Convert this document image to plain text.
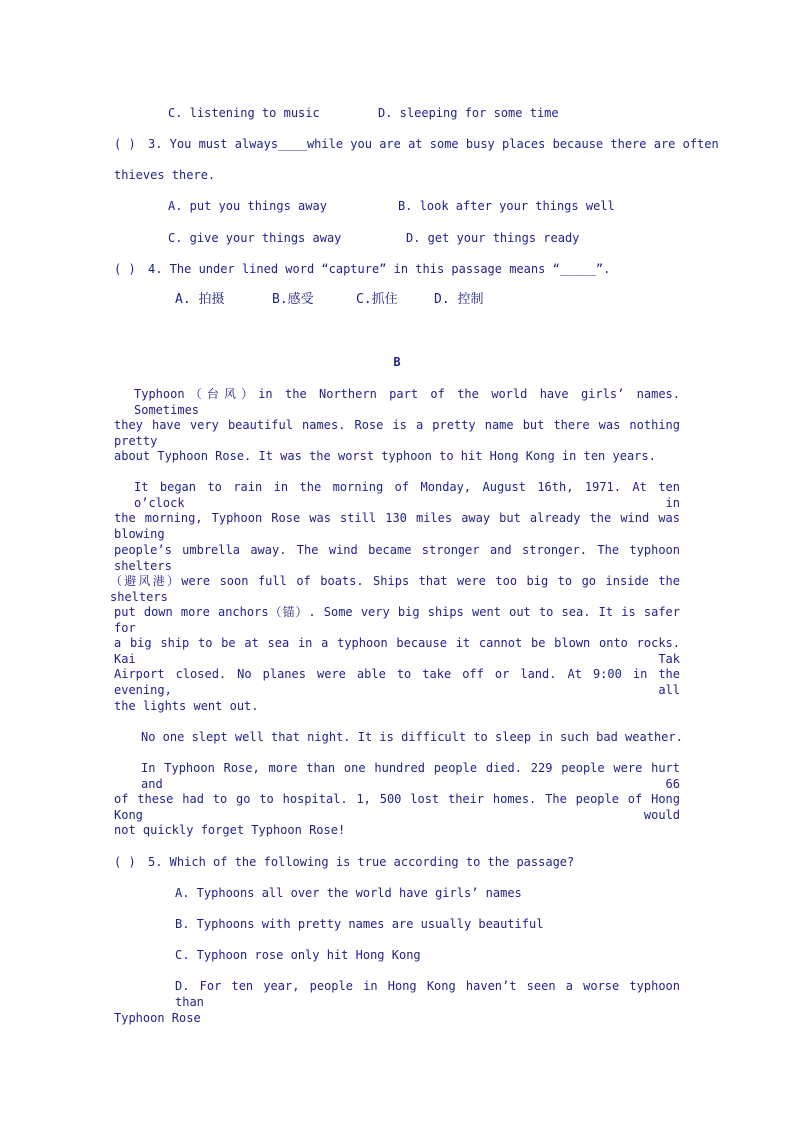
C. listening to music	D. sleeping for some time
( ) 3. You must always____while you are at some busy places because there are often
thieves there.
A. put you things away	B. look after your things well
C. give your things away	D. get your things ready
( ) 4. The under lined word “capture” in this passage means “_____”.
A. 拍摄	B.感受	C.抓住	D. 控制
B
Typhoon（台风）in the Northern part of the world have girls’ names. Sometimes
they have very beautiful names. Rose is a pretty name but there was nothing pretty
about Typhoon Rose. It was the worst typhoon to hit Hong Kong in ten years.
It began to rain in the morning of Monday, August 16th, 1971. At ten o’clock in
the morning, Typhoon Rose was still 130 miles away but already the wind was blowing
people’s umbrella away. The wind became stronger and stronger. The typhoon shelters
（避风港）were soon full of boats. Ships that were too big to go inside the shelters
put down more anchors（锚）. Some very big ships went out to sea. It is safer for
a big ship to be at sea in a typhoon because it cannot be blown onto rocks. Kai Tak
Airport closed. No planes were able to take off or land. At 9:00 in the evening, all
the lights went out.
No one slept well that night. It is difficult to sleep in such bad weather.
In Typhoon Rose, more than one hundred people died. 229 people were hurt and 66
of these had to go to hospital. 1, 500 lost their homes. The people of Hong Kong would
not quickly forget Typhoon Rose!
( ) 5. Which of the following is true according to the passage?
A. Typhoons all over the world have girls’ names
B. Typhoons with pretty names are usually beautiful
C. Typhoon rose only hit Hong Kong
D. For ten year, people in Hong Kong haven’t seen a worse typhoon than
Typhoon Rose
